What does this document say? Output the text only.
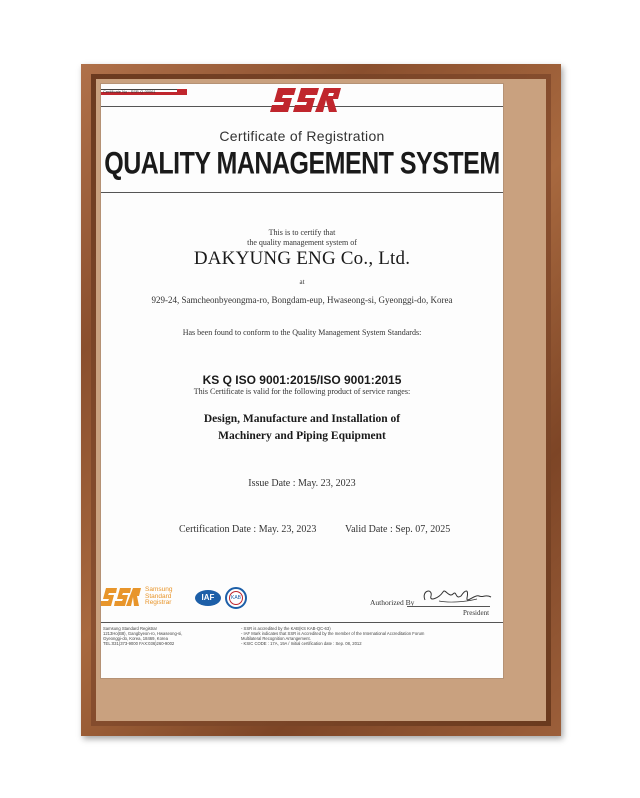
Certificate No : SSR-Q-00061
Certificate of Registration
QUALITY MANAGEMENT SYSTEM
This is to certify that
the quality management system of
DAKYUNG ENG Co., Ltd.
at
929-24, Samcheonbyeongma-ro, Bongdam-eup, Hwaseong-si, Gyeonggi-do, Korea
Has been found to conform to the Quality Management System Standards:
KS Q ISO 9001:2015/ISO 9001:2015
This Certificate is valid for the following product of service ranges:
Design, Manufacture and Installation of
Machinery and Piping Equipment
Issue Date : May. 23, 2023
Certification Date : May. 23, 2023	Valid Date : Sep. 07, 2025
Samsung
Standard
Registrar
IAF	KAB	Authorized By
President
Samsung Standard Registrar
1213Ho(B8), Gangbyeon-ro, Hwaseong-si,
Gyeonggi-do, Korea, 18469, Korea
TEL:031)373-9000 FAX:036)260-9002
- SSR is accredited by the KAB(KS KAB-QC-63)
- IAF Mark indicates that SSR is Accredited by the member of the International Accreditation Forum
Multilateral Recognition Arrangement.
- KSIC CODE : 17A, 19A / Initial certification date : Sep. 08, 2012
